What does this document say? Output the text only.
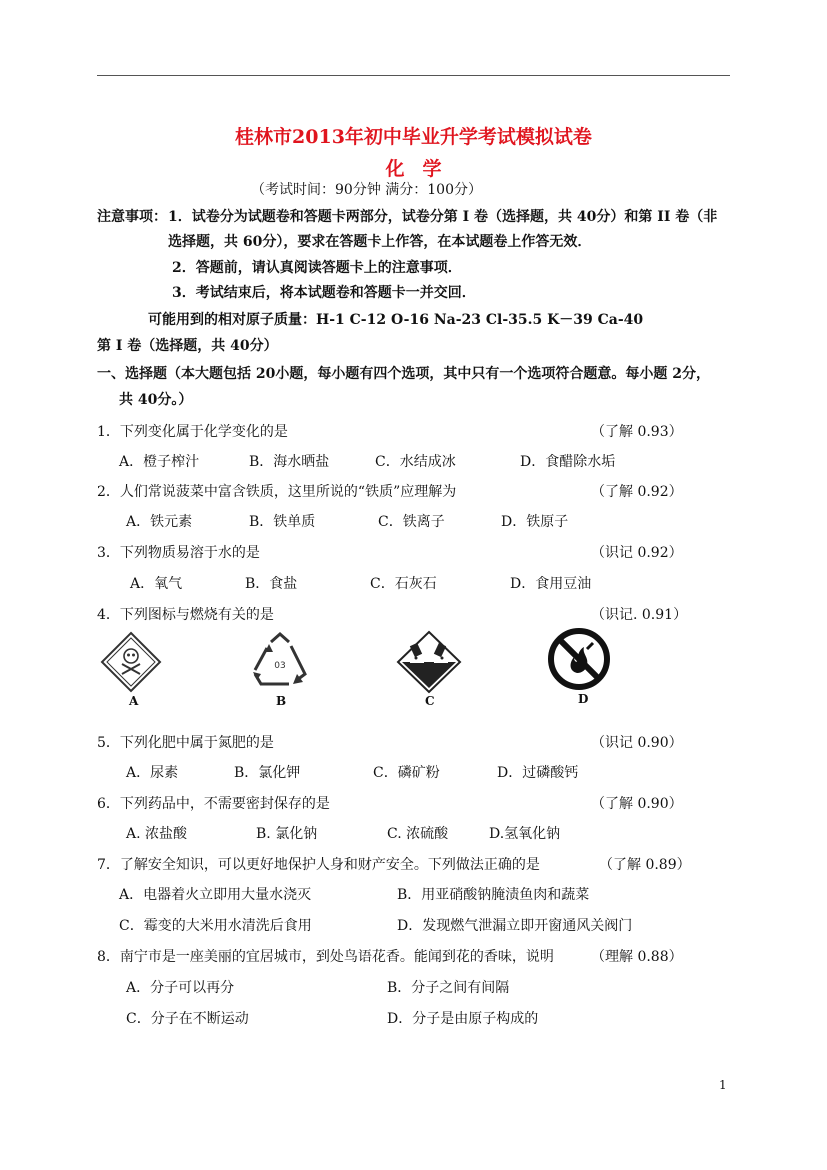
桂林市2013年初中毕业升学考试模拟试卷
化学
（考试时间：90分钟 满分：100分）
注意事项： 1．试卷分为试题卷和答题卡两部分，试卷分第 I 卷（选择题，共 40分）和第 II 卷（非
选择题，共 60分），要求在答题卡上作答，在本试题卷上作答无效．
2．答题前，请认真阅读答题卡上的注意事项．
3．考试结束后，将本试题卷和答题卡一并交回．
可能用到的相对原子质量：H-1 C-12 O-16 Na-23 Cl-35.5 K－39 Ca-40
第 I 卷（选择题，共 40分）
一、选择题（本大题包括 20小题，每小题有四个选项，其中只有一个选项符合题意。每小题 2分，
共 40分。）
1．下列变化属于化学变化的是	（了解 0.93）
A．橙子榨汁	B．海水晒盐	C．水结成冰	D．食醋除水垢
2．人们常说菠菜中富含铁质，这里所说的“铁质”应理解为	（了解 0.92）
A．铁元素	B．铁单质	C．铁离子	D．铁原子
3．下列物质易溶于水的是	（识记 0.92）
A．氧气	B．食盐	C．石灰石	D．食用豆油
4．下列图标与燃烧有关的是	（识记. 0.91）
A
03
B	C	D
5．下列化肥中属于氮肥的是	（识记 0.90）
A．尿素	B．氯化钾	C．磷矿粉	D．过磷酸钙
6．下列药品中，不需要密封保存的是	（了解 0.90）
A. 浓盐酸	B. 氯化钠	C. 浓硫酸	D.氢氧化钠
7．了解安全知识，可以更好地保护人身和财产安全。下列做法正确的是	（了解 0.89）
A．电器着火立即用大量水浇灭	B．用亚硝酸钠腌渍鱼肉和蔬菜
C．霉变的大米用水清洗后食用	D．发现燃气泄漏立即开窗通风关阀门
8．南宁市是一座美丽的宜居城市，到处鸟语花香。能闻到花的香味，说明	（理解 0.88）
A．分子可以再分	B．分子之间有间隔
C．分子在不断运动	D．分子是由原子构成的
1
